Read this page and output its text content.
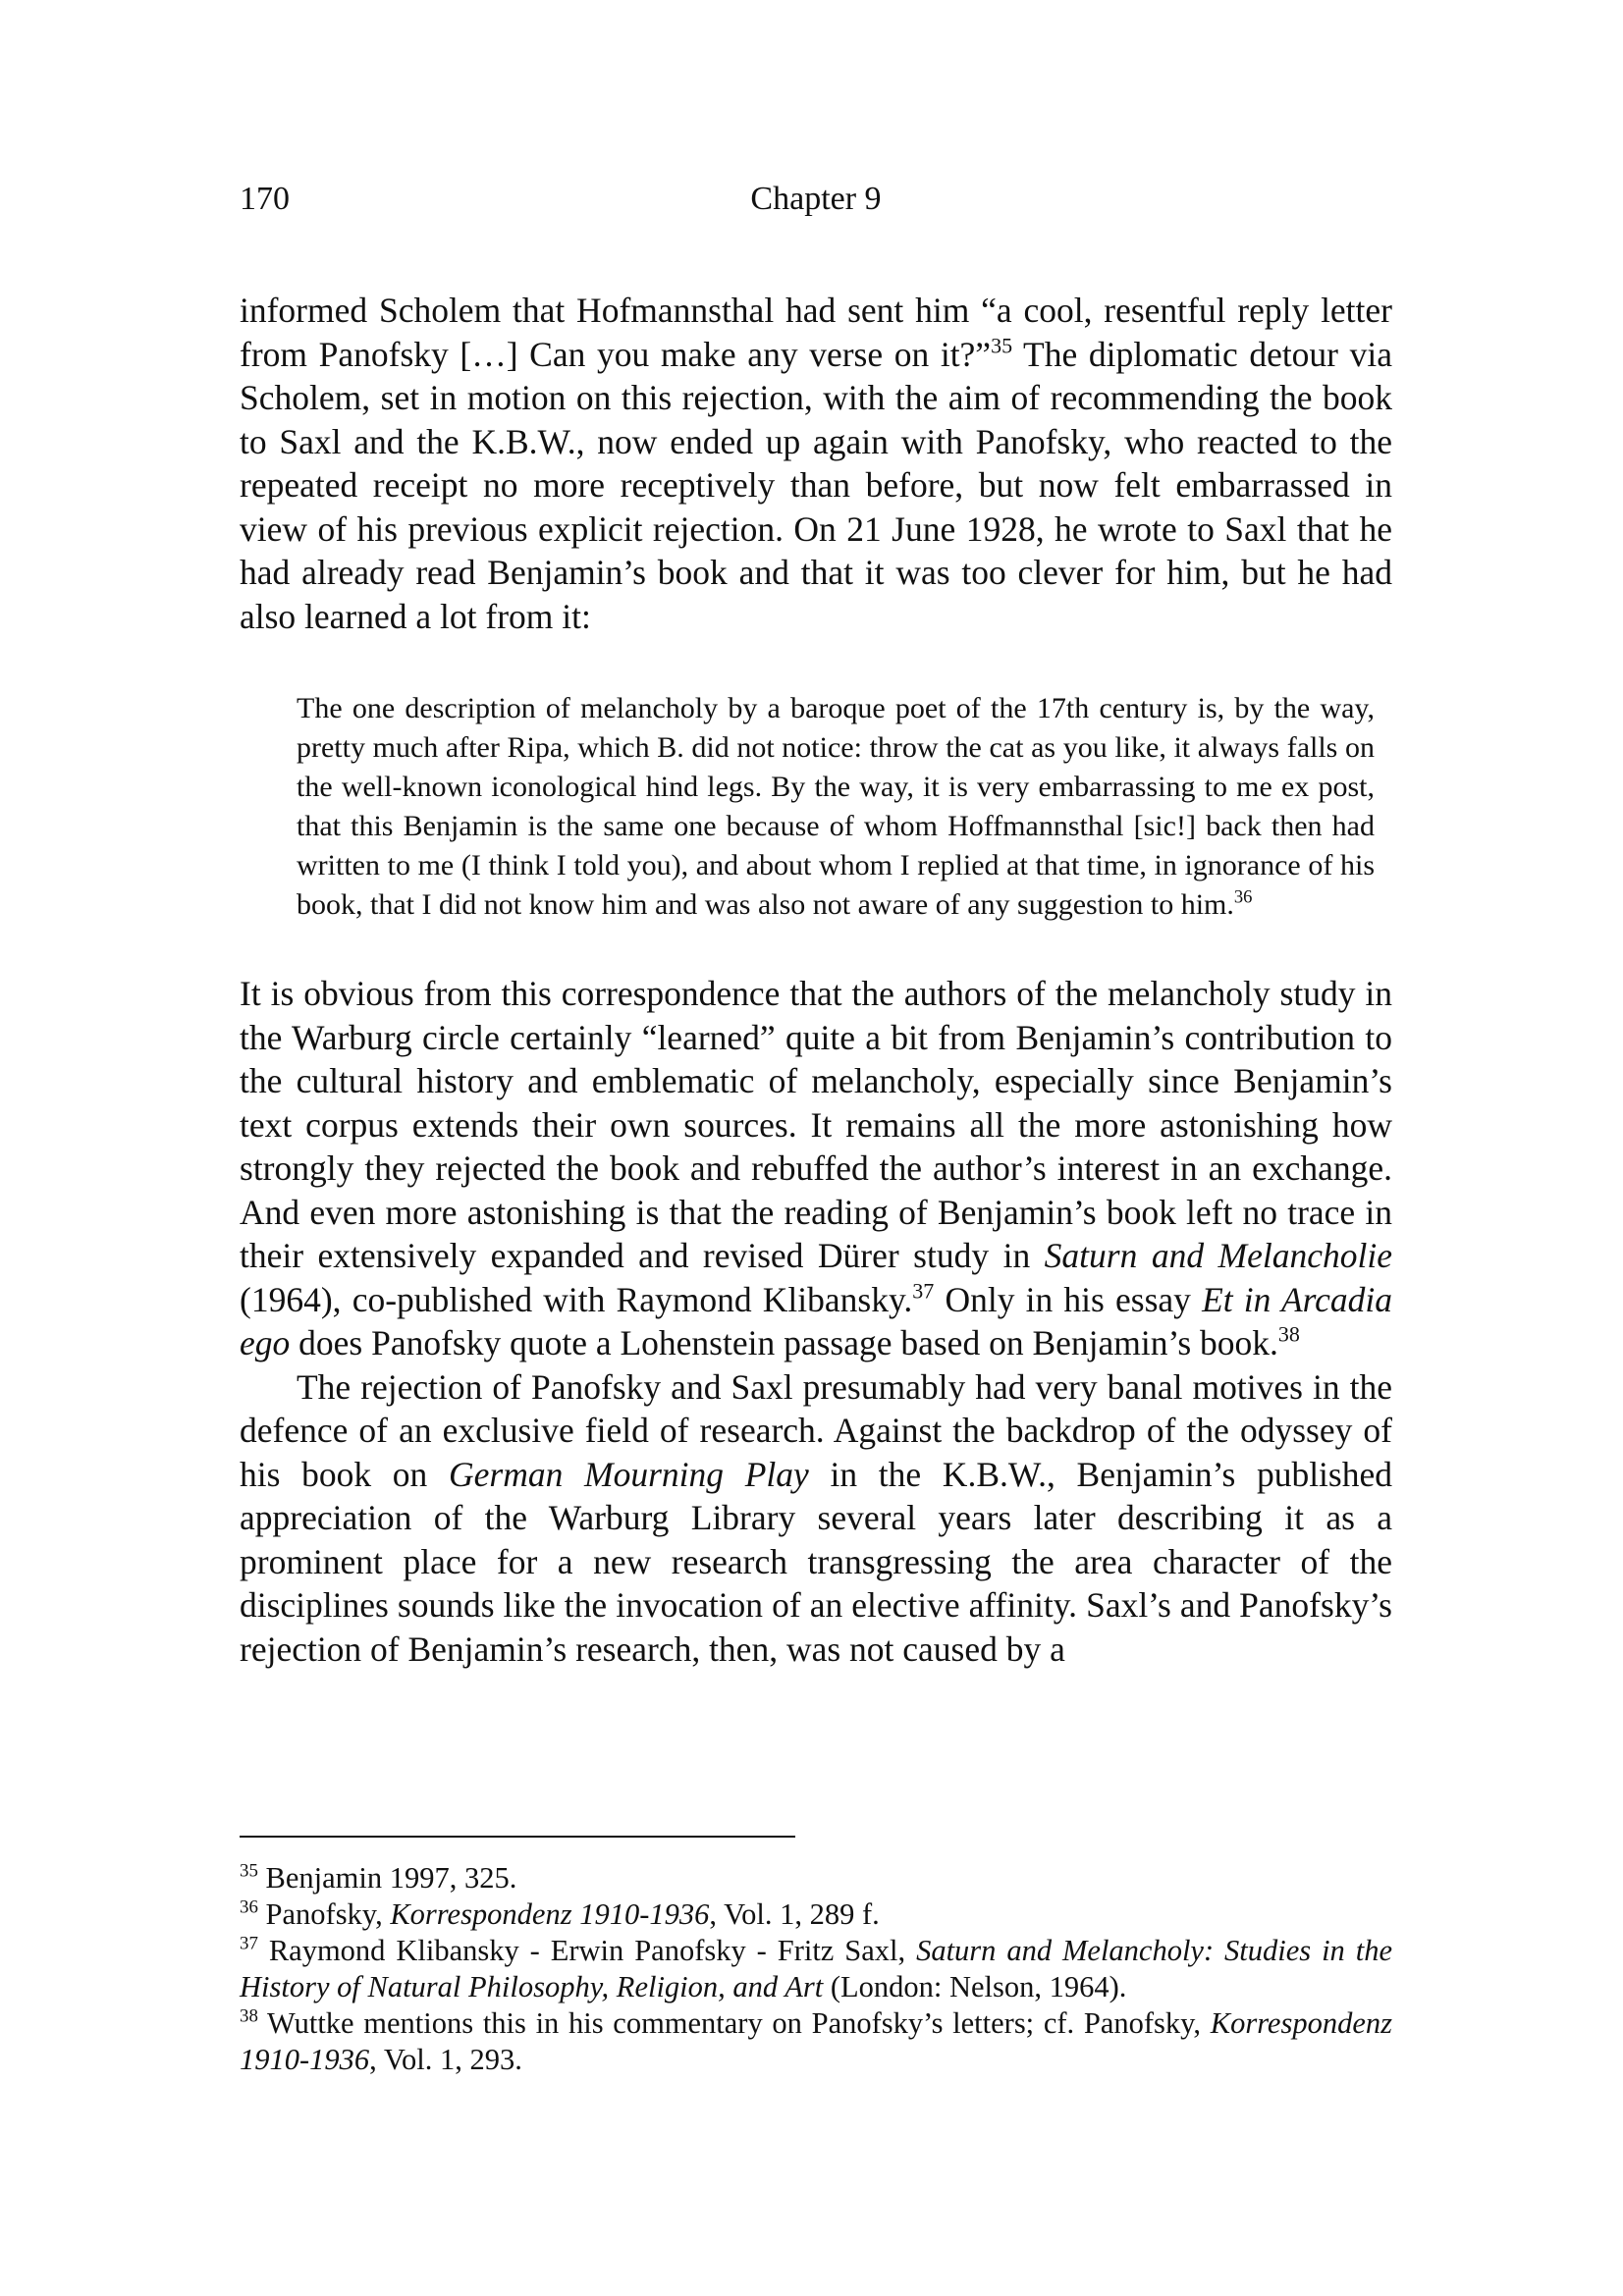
170	Chapter 9

informed Scholem that Hofmannsthal had sent him “a cool, resentful reply letter from Panofsky […] Can you make any verse on it?”$^{35}$ The diplomatic detour via Scholem, set in motion on this rejection, with the aim of recommending the book to Saxl and the K.B.W., now ended up again with Panofsky, who reacted to the repeated receipt no more receptively than before, but now felt embarrassed in view of his previous explicit rejection. On 21 June 1928, he wrote to Saxl that he had already read Benjamin’s book and that it was too clever for him, but he had also learned a lot from it:

The one description of melancholy by a baroque poet of the 17th century is, by the way, pretty much after Ripa, which B. did not notice: throw the cat as you like, it always falls on the well-known iconological hind legs. By the way, it is very embarrassing to me ex post, that this Benjamin is the same one because of whom Hoffmannsthal [sic!] back then had written to me (I think I told you), and about whom I replied at that time, in ignorance of his book, that I did not know him and was also not aware of any suggestion to him.$^{36}$

It is obvious from this correspondence that the authors of the melancholy study in the Warburg circle certainly “learned” quite a bit from Benjamin’s contribution to the cultural history and emblematic of melancholy, especially since Benjamin’s text corpus extends their own sources. It remains all the more astonishing how strongly they rejected the book and rebuffed the author’s interest in an exchange. And even more astonishing is that the reading of Benjamin’s book left no trace in their extensively expanded and revised Dürer study in Saturn and Melancholie (1964), co-published with Raymond Klibansky.$^{37}$ Only in his essay Et in Arcadia ego does Panofsky quote a Lohenstein passage based on Benjamin’s book.$^{38}$

The rejection of Panofsky and Saxl presumably had very banal motives in the defence of an exclusive field of research. Against the backdrop of the odyssey of his book on German Mourning Play in the K.B.W., Benjamin’s published appreciation of the Warburg Library several years later describing it as a prominent place for a new research transgressing the area character of the disciplines sounds like the invocation of an elective affinity. Saxl’s and Panofsky’s rejection of Benjamin’s research, then, was not caused by a

$^{35}$ Benjamin 1997, 325.

$^{36}$ Panofsky, Korrespondenz 1910-1936, Vol. 1, 289 f.

$^{37}$ Raymond Klibansky - Erwin Panofsky - Fritz Saxl, Saturn and Melancholy: Studies in the History of Natural Philosophy, Religion, and Art (London: Nelson, 1964).

$^{38}$ Wuttke mentions this in his commentary on Panofsky’s letters; cf. Panofsky, Korrespondenz 1910-1936, Vol. 1, 293.
